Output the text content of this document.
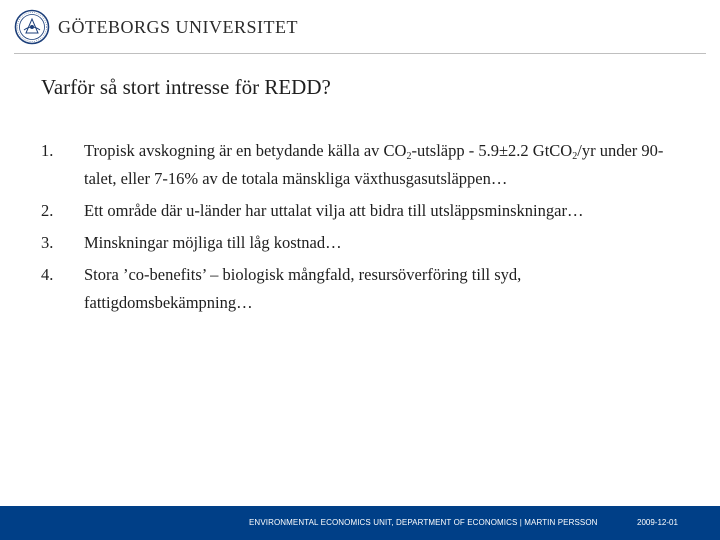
GÖTEBORGS UNIVERSITET
Varför så stort intresse för REDD?
1. Tropisk avskogning är en betydande källa av $CO_2$-utsläpp - 5.9±2.2 GtCO$_2$/yr under 90-talet, eller 7-16% av de totala mänskliga växthusgasutsläppen…
2. Ett område där u-länder har uttalat vilja att bidra till utsläppsminskningar…
3. Minskningar möjliga till låg kostnad…
4. Stora ’co-benefits’ – biologisk mångfald, resursöverföring till syd, fattigdomsbekämpning…
ENVIRONMENTAL ECONOMICS UNIT, DEPARTMENT OF ECONOMICS | MARTIN PERSSON	2009-12-01
